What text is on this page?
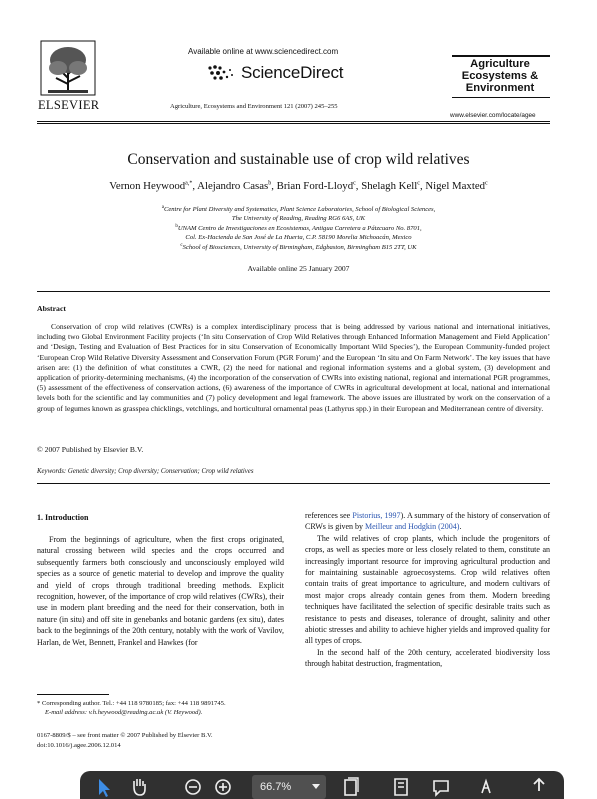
ELSEVIER
Available online at www.sciencedirect.com
ScienceDirect
Agriculture, Ecosystems and Environment 121 (2007) 245–255
Agriculture
Ecosystems &
Environment
www.elsevier.com/locate/agee
Conservation and sustainable use of crop wild relatives
Vernon Heywood$^{a,*}$, Alejandro Casas$^b$, Brian Ford-Lloyd$^c$, Shelagh Kell$^c$, Nigel Maxted$^c$
$^a$Centre for Plant Diversity and Systematics, Plant Science Laboratories, School of Biological Sciences,
The University of Reading, Reading RG6 6AS, UK
$^b$UNAM Centro de Investigaciones en Ecosistemas, Antigua Carretera a Pátzcuaro No. 8701,
Col. Ex-Hacienda de San José de La Huerta, C.P. 58190 Morelia Michoacán, Mexico
$^c$School of Biosciences, University of Birmingham, Edgbaston, Birmingham B15 2TT, UK
Available online 25 January 2007
Abstract

Conservation of crop wild relatives (CWRs) is a complex interdisciplinary process that is being addressed by various national and international initiatives, including two Global Environment Facility projects (‘In situ Conservation of Crop Wild Relatives through Enhanced Information Management and Field Application’ and ‘Design, Testing and Evaluation of Best Practices for in situ Conservation of Economically Important Wild Species’), the European Community-funded project ‘European Crop Wild Relative Diversity Assessment and Conservation Forum (PGR Forum)’ and the European ‘In situ and On Farm Network’. The key issues that have arisen are: (1) the definition of what constitutes a CWR, (2) the need for national and regional information systems and a global system, (3) development and application of priority-determining mechanisms, (4) the incorporation of the conservation of CWRs into existing national, regional and international PGR programmes, (5) assessment of the effectiveness of conservation actions, (6) awareness of the importance of CWRs in agricultural development at local, national and international levels both for the scientific and lay communities and (7) policy development and legal framework. The above issues are illustrated by work on the conservation of a group of legumes known as grasspea chicklings, vetchlings, and horticultural ornamental peas (Lathyrus spp.) in their European and Mediterranean centre of diversity.

© 2007 Published by Elsevier B.V.
Keywords: Genetic diversity; Crop diversity; Conservation; Crop wild relatives
1. Introduction

From the beginnings of agriculture, when the first crops originated, natural crossing between wild species and the crops occurred and subsequently farmers both consciously and unconsciously employed wild species as a source of genetic material to develop and improve the quality and yield of crops through traditional breeding methods. Explicit recognition, however, of the importance of crop wild relatives (CWRs), their use in modern plant breeding and the need for their conservation, both in nature (in situ) and off site in genebanks and botanic gardens (ex situ), dates back to the beginnings of the 20th century, notably with the work of Vavilov, Harlan, de Wet, Bennett, Frankel and Hawkes (for

references see Pistorius, 1997). A summary of the history of conservation of CRWs is given by Meilleur and Hodgkin (2004).

The wild relatives of crop plants, which include the progenitors of crops, as well as species more or less closely related to them, constitute an increasingly important resource for improving agricultural production and for maintaining sustainable agroecosystems. Crop wild relatives often contain traits of great importance to agriculture, and modern cultivars of most major crops already contain genes from them. Modern breeding techniques have facilitated the selection of specific desirable traits such as resistance to pests and diseases, tolerance of drought, salinity and other abiotic stresses and ability to achieve higher yields and improved quality for all types of crops.

In the second half of the 20th century, accelerated biodiversity loss through habitat destruction, fragmentation,

* Corresponding author. Tel.: +44 118 9780185; fax: +44 118 9891745.
E-mail address: v.h.heywood@reading.ac.uk (V. Heywood).
0167-8809/$ – see front matter © 2007 Published by Elsevier B.V.
doi:10.1016/j.agee.2006.12.014
66.7%
